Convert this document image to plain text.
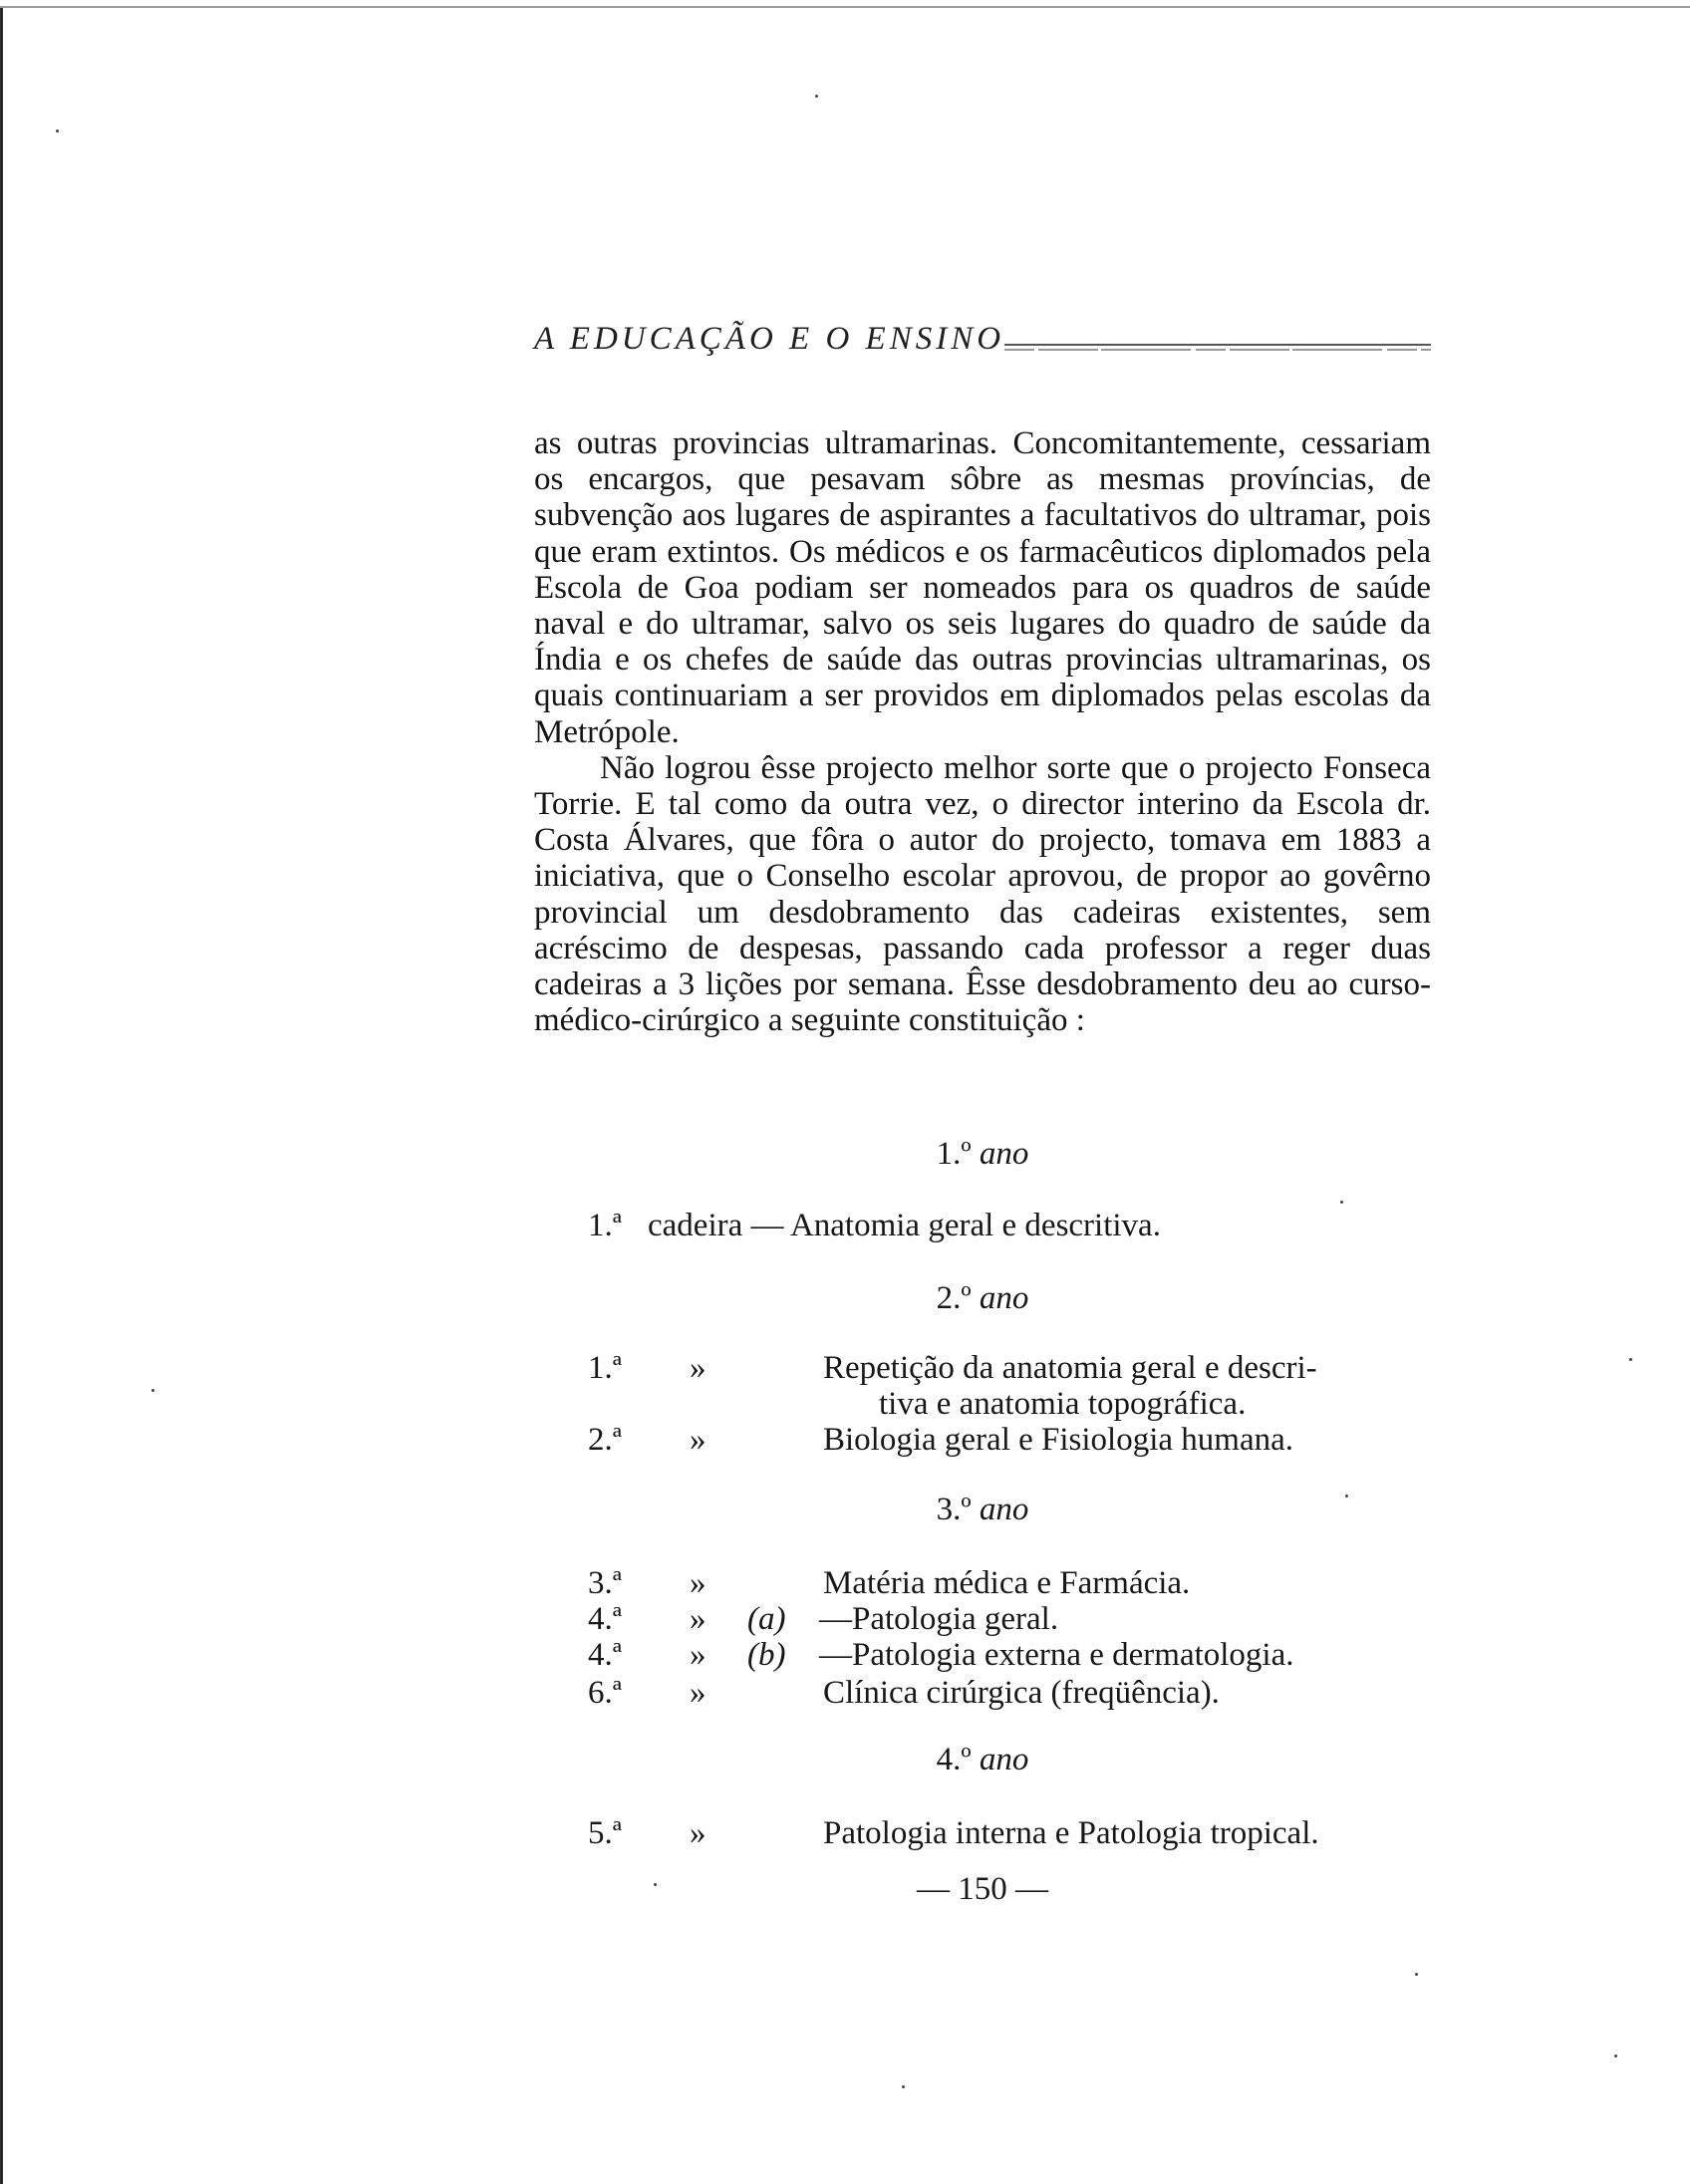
A EDUCAÇÃO E O ENSINO

as outras provincias ultramarinas. Concomitantemente, cessariam os encargos, que pesavam sôbre as mesmas províncias, de subvenção aos lugares de aspirantes a facultativos do ultramar, pois que eram extintos. Os médicos e os farmacêuticos diplomados pela Escola de Goa podiam ser nomeados para os quadros de saúde naval e do ultramar, salvo os seis lugares do quadro de saúde da Índia e os chefes de saúde das outras provincias ultramarinas, os quais continuariam a ser providos em diplomados pelas escolas da Metrópole.

Não logrou êsse projecto melhor sorte que o projecto Fonseca Torrie. E tal como da outra vez, o director interino da Escola dr. Costa Álvares, que fôra o autor do projecto, tomava em 1883 a iniciativa, que o Conselho escolar aprovou, de propor ao govêrno provincial um desdobramento das cadeiras existentes, sem acréscimo de despesas, passando cada professor a reger duas cadeiras a 3 lições por semana. Êsse desdobramento deu ao curso-médico-cirúrgico a seguinte constituição :

1.º ano
1.ª cadeira — Anatomia geral e descritiva.
2.º ano
1.ª	»	Repetição da anatomia geral e descri-
tiva e anatomia topográfica.
2.ª	»	Biologia geral e Fisiologia humana.
3.º ano
3.ª	»	Matéria médica e Farmácia.
4.ª	» (a) —Patologia geral.
4.ª	» (b) —Patologia externa e dermatologia.
6.ª	»	Clínica cirúrgica (freqüência).
4.º ano
5.ª	»	Patologia interna e Patologia tropical.
— 150 —
